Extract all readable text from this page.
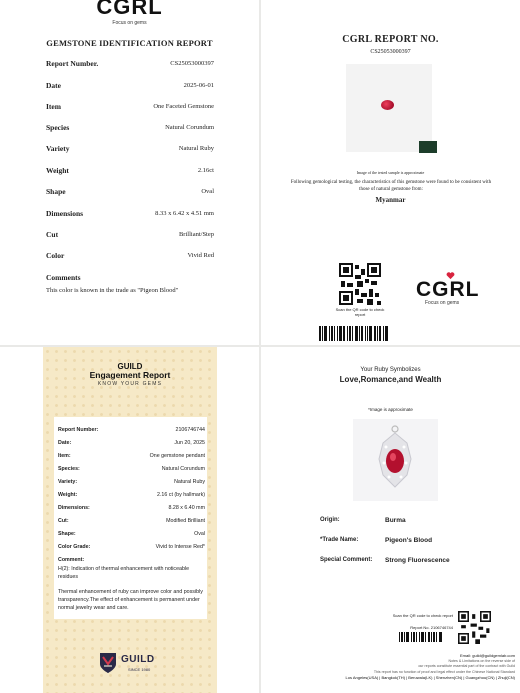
CGRL
Focus on gems
GEMSTONE IDENTIFICATION REPORT
Report Number.	CS25053000397
Date	2025-06-01
Item	One Faceted Gemstone
Species	Natural Corundum
Variety	Natural Ruby
Weight	2.16ct
Shape	Oval
Dimensions	8.33 x 6.42 x 4.51 mm
Cut	Brilliant/Step
Color	Vivid Red
Comments
This color is known in the trade as "Pigeon Blood"
CGRL REPORT NO.
CS25053000397
Image of the tested sample is approximate
Following gemological testing, the characteristics of this gemstone were found to be consistent with those of natural gemstone from:
Myanmar
Scan the QR code to check report
CGRL
Focus on gems
GUILD
Engagement Report
KNOW YOUR GEMS
Report Number:	2106746744
Date:	Jun 20, 2025
Item:	One gemstone pendant
Species:	Natural Corundum
Variety:	Natural Ruby
Weight:	2.16 ct (by hallmark)
Dimensions:	8.28 x 6.40 mm
Cut:	Modified Brilliant
Shape:	Oval
Color Grade:	Vivid to Intense Red*
Comment:
H(2): Indication of thermal enhancement with noticeable residues
Thermal enhancement of ruby can improve color and possibly transparency.The effect of enhancement is permanent under normal jewelry wear and care.
GUILD
SINCE 1980
Your Ruby Symbolizes
Love,Romance,and Wealth
*Image is approximate
Origin:	Burma
*Trade Name:	Pigeon's Blood
Special Comment: Strong Fluorescence
Scan the QR code to check report
Report No. 2106746744
Email: guild@guildgemlab.com
Notes & Limitations on the reverse side of
our reports constitute essential part of the contract with Guild
This report has no function of proof and legal effect under the Chinese National Standard
Los Angeles(USA) | Bangkok(TH) | Beruwala(LK) | Shenzhen(CN) | Guangzhou(CN) | Zhuji(CN)
